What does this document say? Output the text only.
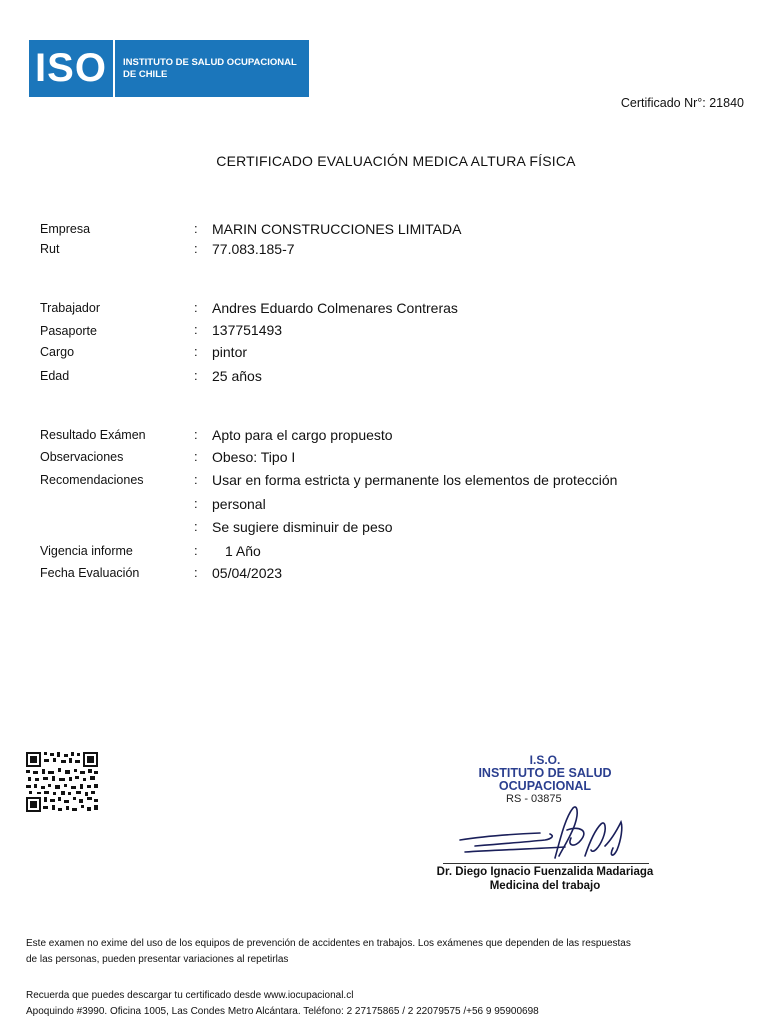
ISO	INSTITUTO DE SALUD OCUPACIONAL
DE CHILE
Certificado Nr°: 21840
CERTIFICADO EVALUACIÓN MEDICA ALTURA FÍSICA
Empresa	: MARIN CONSTRUCCIONES LIMITADA
Rut	: 77.083.185-7
Trabajador	: Andres Eduardo Colmenares Contreras
Pasaporte	: 137751493
Cargo	: pintor
Edad	: 25 años
Resultado Exámen	: Apto para el cargo propuesto
Observaciones	: Obeso: Tipo I
Recomendaciones	: Usar en forma estricta y permanente los elementos de protección
: personal
: Se sugiere disminuir de peso
Vigencia informe	: 1 Año
Fecha Evaluación	: 05/04/2023
I.S.O.
INSTITUTO DE SALUD
OCUPACIONAL
RS - 03875
Dr. Diego Ignacio Fuenzalida Madariaga
Medicina del trabajo
Este examen no exime del uso de los equipos de prevención de accidentes en trabajos. Los exámenes que dependen de las respuestas
de las personas, pueden presentar variaciones al repetirlas
Recuerda que puedes descargar tu certificado desde www.iocupacional.cl
Apoquindo #3990. Oficina 1005, Las Condes Metro Alcántara. Teléfono: 2 27175865 / 2 22079575 /+56 9 95900698
